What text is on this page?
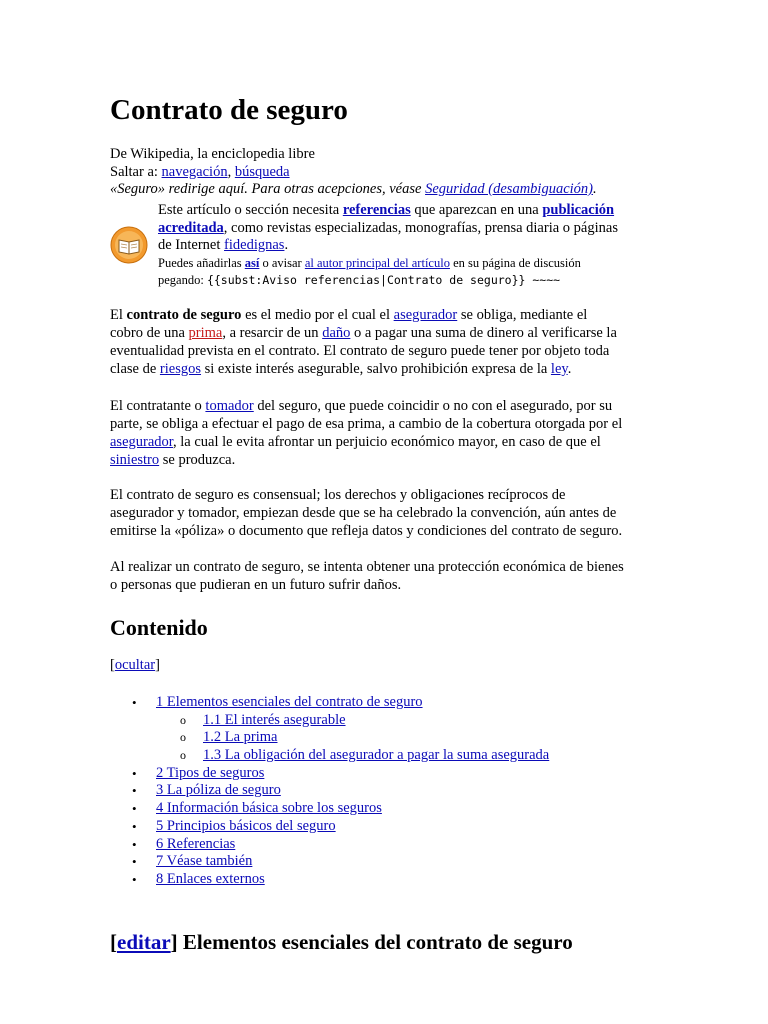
Contrato de seguro
De Wikipedia, la enciclopedia libre
Saltar a: navegación, búsqueda
«Seguro» redirige aquí. Para otras acepciones, véase Seguridad (desambiguación).
Este artículo o sección necesita referencias que aparezcan en una publicación
acreditada, como revistas especializadas, monografías, prensa diaria o páginas
de Internet fidedignas.
Puedes añadirlas así o avisar al autor principal del artículo en su página de discusión
pegando: {{subst:Aviso referencias|Contrato de seguro}} ~~~~
El contrato de seguro es el medio por el cual el asegurador se obliga, mediante el
cobro de una prima, a resarcir de un daño o a pagar una suma de dinero al verificarse la
eventualidad prevista en el contrato. El contrato de seguro puede tener por objeto toda
clase de riesgos si existe interés asegurable, salvo prohibición expresa de la ley.
El contratante o tomador del seguro, que puede coincidir o no con el asegurado, por su
parte, se obliga a efectuar el pago de esa prima, a cambio de la cobertura otorgada por el
asegurador, la cual le evita afrontar un perjuicio económico mayor, en caso de que el
siniestro se produzca.
El contrato de seguro es consensual; los derechos y obligaciones recíprocos de
asegurador y tomador, empiezan desde que se ha celebrado la convención, aún antes de
emitirse la «póliza» o documento que refleja datos y condiciones del contrato de seguro.
Al realizar un contrato de seguro, se intenta obtener una protección económica de bienes
o personas que pudieran en un futuro sufrir daños.
Contenido
[ocultar]
• 1 Elementos esenciales del contrato de seguro
o 1.1 El interés asegurable
o 1.2 La prima
o 1.3 La obligación del asegurador a pagar la suma asegurada
• 2 Tipos de seguros
• 3 La póliza de seguro
• 4 Información básica sobre los seguros
• 5 Principios básicos del seguro
• 6 Referencias
• 7 Véase también
• 8 Enlaces externos
[editar] Elementos esenciales del contrato de seguro
